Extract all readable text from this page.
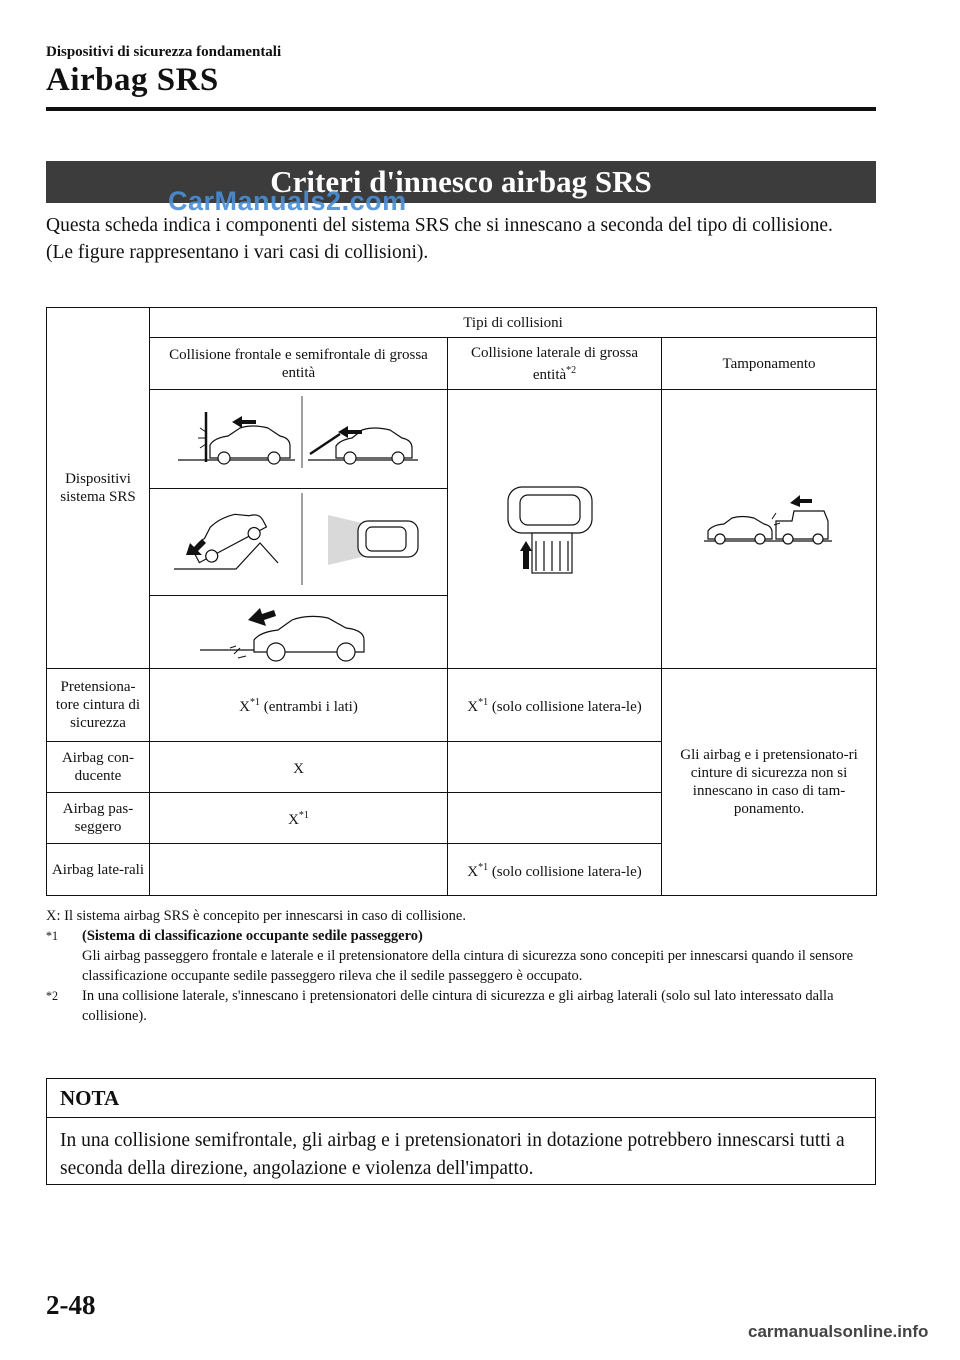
Dispositivi di sicurezza fondamentali
Airbag SRS
Criteri d'innesco airbag SRS
CarManuals2.com

Questa scheda indica i componenti del sistema SRS che si innescano a seconda del tipo di collisione.

(Le figure rappresentano i vari casi di collisioni).

Dispositivi sistema SRS	Tipi di collisioni		
	Collisione frontale e semifrontale di grossa entità	Collisione laterale di grossa entità$^{*2}$	Tamponamento

Pretensiona-tore cintura di sicurezza	$X^{*1}$ (entrambi i lati)	$X^{*1}$ (solo collisione latera-le)	Gli airbag e i pretensionato-ri cinture di sicurezza non si innescano in caso di tam-ponamento.
Airbag con-ducente	X		
Airbag pas-seggero	$X^{*1}$	
Airbag late-rali		$X^{*1}$ (solo collisione latera-le)	
X: Il sistema airbag SRS è concepito per innescarsi in caso di collisione.
*1	(Sistema di classificazione occupante sedile passeggero)
Gli airbag passeggero frontale e laterale e il pretensionatore della cintura di sicurezza sono concepiti per innescarsi quando il sensore classificazione occupante sedile passeggero rileva che il sedile passeggero è occupato.
*2	In una collisione laterale, s'innescano i pretensionatori delle cintura di sicurezza e gli airbag laterali (solo sul lato interessato dalla collisione).
NOTA
In una collisione semifrontale, gli airbag e i pretensionatori in dotazione potrebbero innescarsi tutti a seconda della direzione, angolazione e violenza dell'impatto.
2-48
carmanualsonline.info
